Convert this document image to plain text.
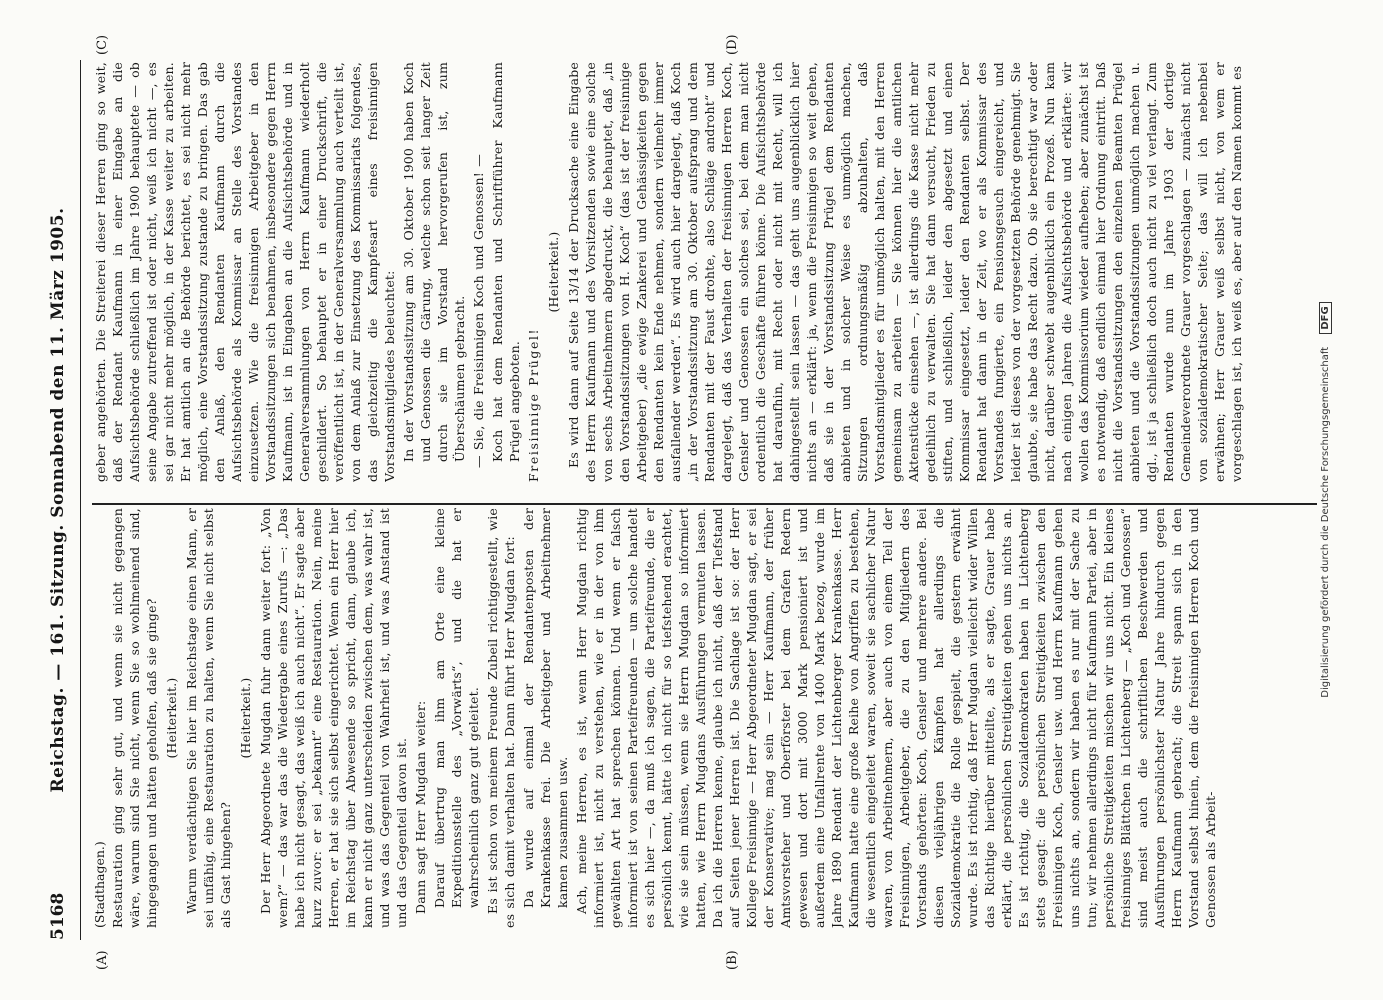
5168
Reichstag. — 161. Sitzung. Sonnabend den 11. März 1905.
(A)	(B)
(C)	(D)
(Stadthagen.) Restauration ging sehr gut, und wenn sie nicht gegangen wäre, warum sind Sie nicht, wenn Sie so wohlmeinend sind, hingegangen und hätten geholfen, daß sie ginge? (Heiterkeit.) Warum verdächtigen Sie hier im Reichstage einen Mann, er sei unfähig, eine Restauration zu halten, wenn Sie nicht selbst als Gast hingehen?

(Heiterkeit.) Der Herr Abgeordnete Mugdan fuhr dann weiter fort: „Von wem?“ — das war das die Wiedergabe eines Zurufs —: „Das habe ich nicht gesagt, das weiß ich auch nicht“. Er sagte aber kurz zuvor: er sei „bekannt“ eine Restauration. Nein, meine Herren, er hat sie sich selbst eingerichtet. Wenn ein Herr hier im Reichstag über Abwesende so spricht, dann, glaube ich, kann er nicht ganz unterscheiden zwischen dem, was wahr ist, und was das Gegenteil von Wahrheit ist, und was Anstand ist und das Gegenteil davon ist. Dann sagt Herr Mugdan weiter: Darauf übertrug man ihm am Orte eine kleine Expeditionsstelle des „Vorwärts“, und die hat er wahrscheinlich ganz gut geleitet. Es ist schon von meinem Freunde Zubeil richtiggestellt, wie es sich damit verhalten hat. Dann führt Herr Mugdan fort: Da wurde auf einmal der Rendantenposten der Krankenkasse frei. Die Arbeitgeber und Arbeitnehmer kamen zusammen usw. Ach, meine Herren, es ist, wenn Herr Mugdan richtig informiert ist, nicht zu verstehen, wie er in der von ihm gewählten Art hat sprechen können. Und wenn er falsch informiert ist von seinen Parteifreunden — um solche handelt es sich hier —, da muß ich sagen, die Parteifreunde, die er persönlich kennt, hätte ich nicht für so tiefstehend erachtet, wie sie sein müssen, wenn sie Herrn Mugdan so informiert hatten, wie Herrn Mugdans Ausführungen vermuten lassen. Da ich die Herren kenne, glaube ich nicht, daß der Tiefstand auf Seiten jener Herren ist. Die Sachlage ist so: der Herr Kollege Freisinnige — Herr Abgeordneter Mugdan sagt, er sei der Konservative; mag sein — Herr Kaufmann, der früher Amtsvorsteher und Oberförster bei dem Grafen Redern gewesen und dort mit 3000 Mark pensioniert ist und außerdem eine Unfallrente von 1400 Mark bezog, wurde im Jahre 1890 Rendant der Lichtenberger Krankenkasse. Herr Kaufmann hatte eine große Reihe von Angriffen zu bestehen, die wesentlich eingeleitet waren, soweit sie sachlicher Natur waren, von Arbeitnehmern, aber auch von einem Teil der Freisinnigen, Arbeitgeber, die zu den Mitgliedern des Vorstands gehörten: Koch, Gensler und mehrere andere. Bei diesen vieljährigen Kämpfen hat allerdings die Sozialdemokratie die Rolle gespielt, die gestern erwähnt wurde. Es ist richtig, daß Herr Mugdan vielleicht wider Willen das Richtige hierüber mitteilte, als er sagte, Grauer habe erklärt, die persönlichen Streitigkeiten gehen uns nichts an. Es ist richtig, die Sozialdemokraten haben in Lichtenberg stets gesagt: die persönlichen Streitigkeiten zwischen den Freisinnigen Koch, Gensler usw. und Herrn Kaufmann gehen uns nichts an, sondern wir haben es nur mit der Sache zu tun; wir nehmen allerdings nicht für Kaufmann Partei, aber in persönliche Streitigkeiten mischen wir uns nicht. Ein kleines freisinniges Blättchen in Lichtenberg — „Koch und Genossen“ sind meist auch die schriftlichen Beschwerden und Ausführungen persönlichster Natur Jahre hindurch gegen Herrn Kaufmann gebracht; die Streit spann sich in den Vorstand selbst hinein, dem die freisinnigen Herren Koch und Genossen als Arbeit-

geber angehörten. Die Streiterei dieser Herren ging so weit, daß der Rendant Kaufmann in einer Eingabe an die Aufsichtsbehörde schließlich im Jahre 1900 behauptete — ob seine Angabe zutreffend ist oder nicht, weiß ich nicht —, es sei gar nicht mehr möglich, in der Kasse weiter zu arbeiten. Er hat amtlich an die Behörde berichtet, es sei nicht mehr möglich, eine Vorstandssitzung zustande zu bringen. Das gab den Anlaß, den Rendanten Kaufmann durch die Aufsichtsbehörde als Kommissar an Stelle des Vorstandes einzusetzen. Wie die freisinnigen Arbeitgeber in den Vorstandssitzungen sich benahmen, insbesondere gegen Herrn Kaufmann, ist in Eingaben an die Aufsichtsbehörde und in Generalversammlungen von Herrn Kaufmann wiederholt geschildert. So behauptet er in einer Druckschrift, die veröffentlicht ist, in der Generalversammlung auch verteilt ist, von dem Anlaß zur Einsetzung des Kommissariats folgendes, das gleichzeitig die Kampfesart eines freisinnigen Vorstandsmitgliedes beleuchtet: In der Vorstandssitzung am 30. Oktober 1900 haben Koch und Genossen die Gärung, welche schon seit langer Zeit durch sie im Vorstand hervorgerufen ist, zum Überschäumen gebracht. — Sie, die Freisinnigen Koch und Genossen! — Koch hat dem Rendanten und Schriftführer Kaufmann Prügel angeboten. Freisinnige Prügel!

(Heiterkeit.) Es wird dann auf Seite 13/14 der Drucksache eine Eingabe des Herrn Kaufmann und des Vorsitzenden sowie eine solche von sechs Arbeitnehmern abgedruckt, die behauptet, daß „in den Vorstandssitzungen von H. Koch“ (das ist der freisinnige Arbeitgeber) „die ewige Zankerei und Gehässigkeiten gegen den Rendanten kein Ende nehmen, sondern vielmehr immer ausfallender werden“. Es wird auch hier dargelegt, daß Koch „in der Vorstandssitzung am 30. Oktober aufsprang und dem Rendanten mit der Faust drohte, also Schläge androht“ und dargelegt, daß das Verhalten der freisinnigen Herren Koch, Gensler und Genossen ein solches sei, bei dem man nicht ordentlich die Geschäfte führen könne. Die Aufsichtsbehörde hat daraufhin, mit Recht oder nicht mit Recht, will ich dahingestellt sein lassen — das geht uns augenblicklich hier nichts an — erklärt: ja, wenn die Freisinnigen so weit gehen, daß sie in der Vorstandssitzung Prügel dem Rendanten anbieten und in solcher Weise es unmöglich machen, Sitzungen ordnungsmäßig abzuhalten, daß Vorstandsmitglieder es für unmöglich halten, mit den Herren gemeinsam zu arbeiten — Sie können hier die amtlichen Aktenstücke einsehen —, ist allerdings die Kasse nicht mehr gedeihlich zu verwalten. Sie hat dann versucht, Frieden zu stiften, und schließlich, leider den abgesetzt und einen Kommissar eingesetzt, leider den Rendanten selbst. Der Rendant hat dann in der Zeit, wo er als Kommissar des Vorstandes fungierte, ein Pensionsgesuch eingereicht, und leider ist dieses von der vorgesetzten Behörde genehmigt. Sie glaubte, sie habe das Recht dazu. Ob sie berechtigt war oder nicht, darüber schwebt augenblicklich ein Prozeß. Nun kam nach einigen Jahren die Aufsichtsbehörde und erklärte: wir wollen das Kommissorium wieder aufheben; aber zunächst ist es notwendig, daß endlich einmal hier Ordnung eintritt. Daß nicht die Vorstandssitzungen den einzelnen Beamten Prügel anbieten und die Vorstandssitzungen unmöglich machen u. dgl., ist ja schließlich doch auch nicht zu viel verlangt. Zum Rendanten wurde nun im Jahre 1903 der dortige Gemeindeverordnete Grauer vorgeschlagen — zunächst nicht von sozialdemokratischer Seite; das will ich nebenbei erwähnen; Herr Grauer weiß selbst nicht, von wem er vorgeschlagen ist, ich weiß es, aber auf den Namen kommt es

Digitalisierung gefördert durch die Deutsche Forschungsgemeinschaft DFG
